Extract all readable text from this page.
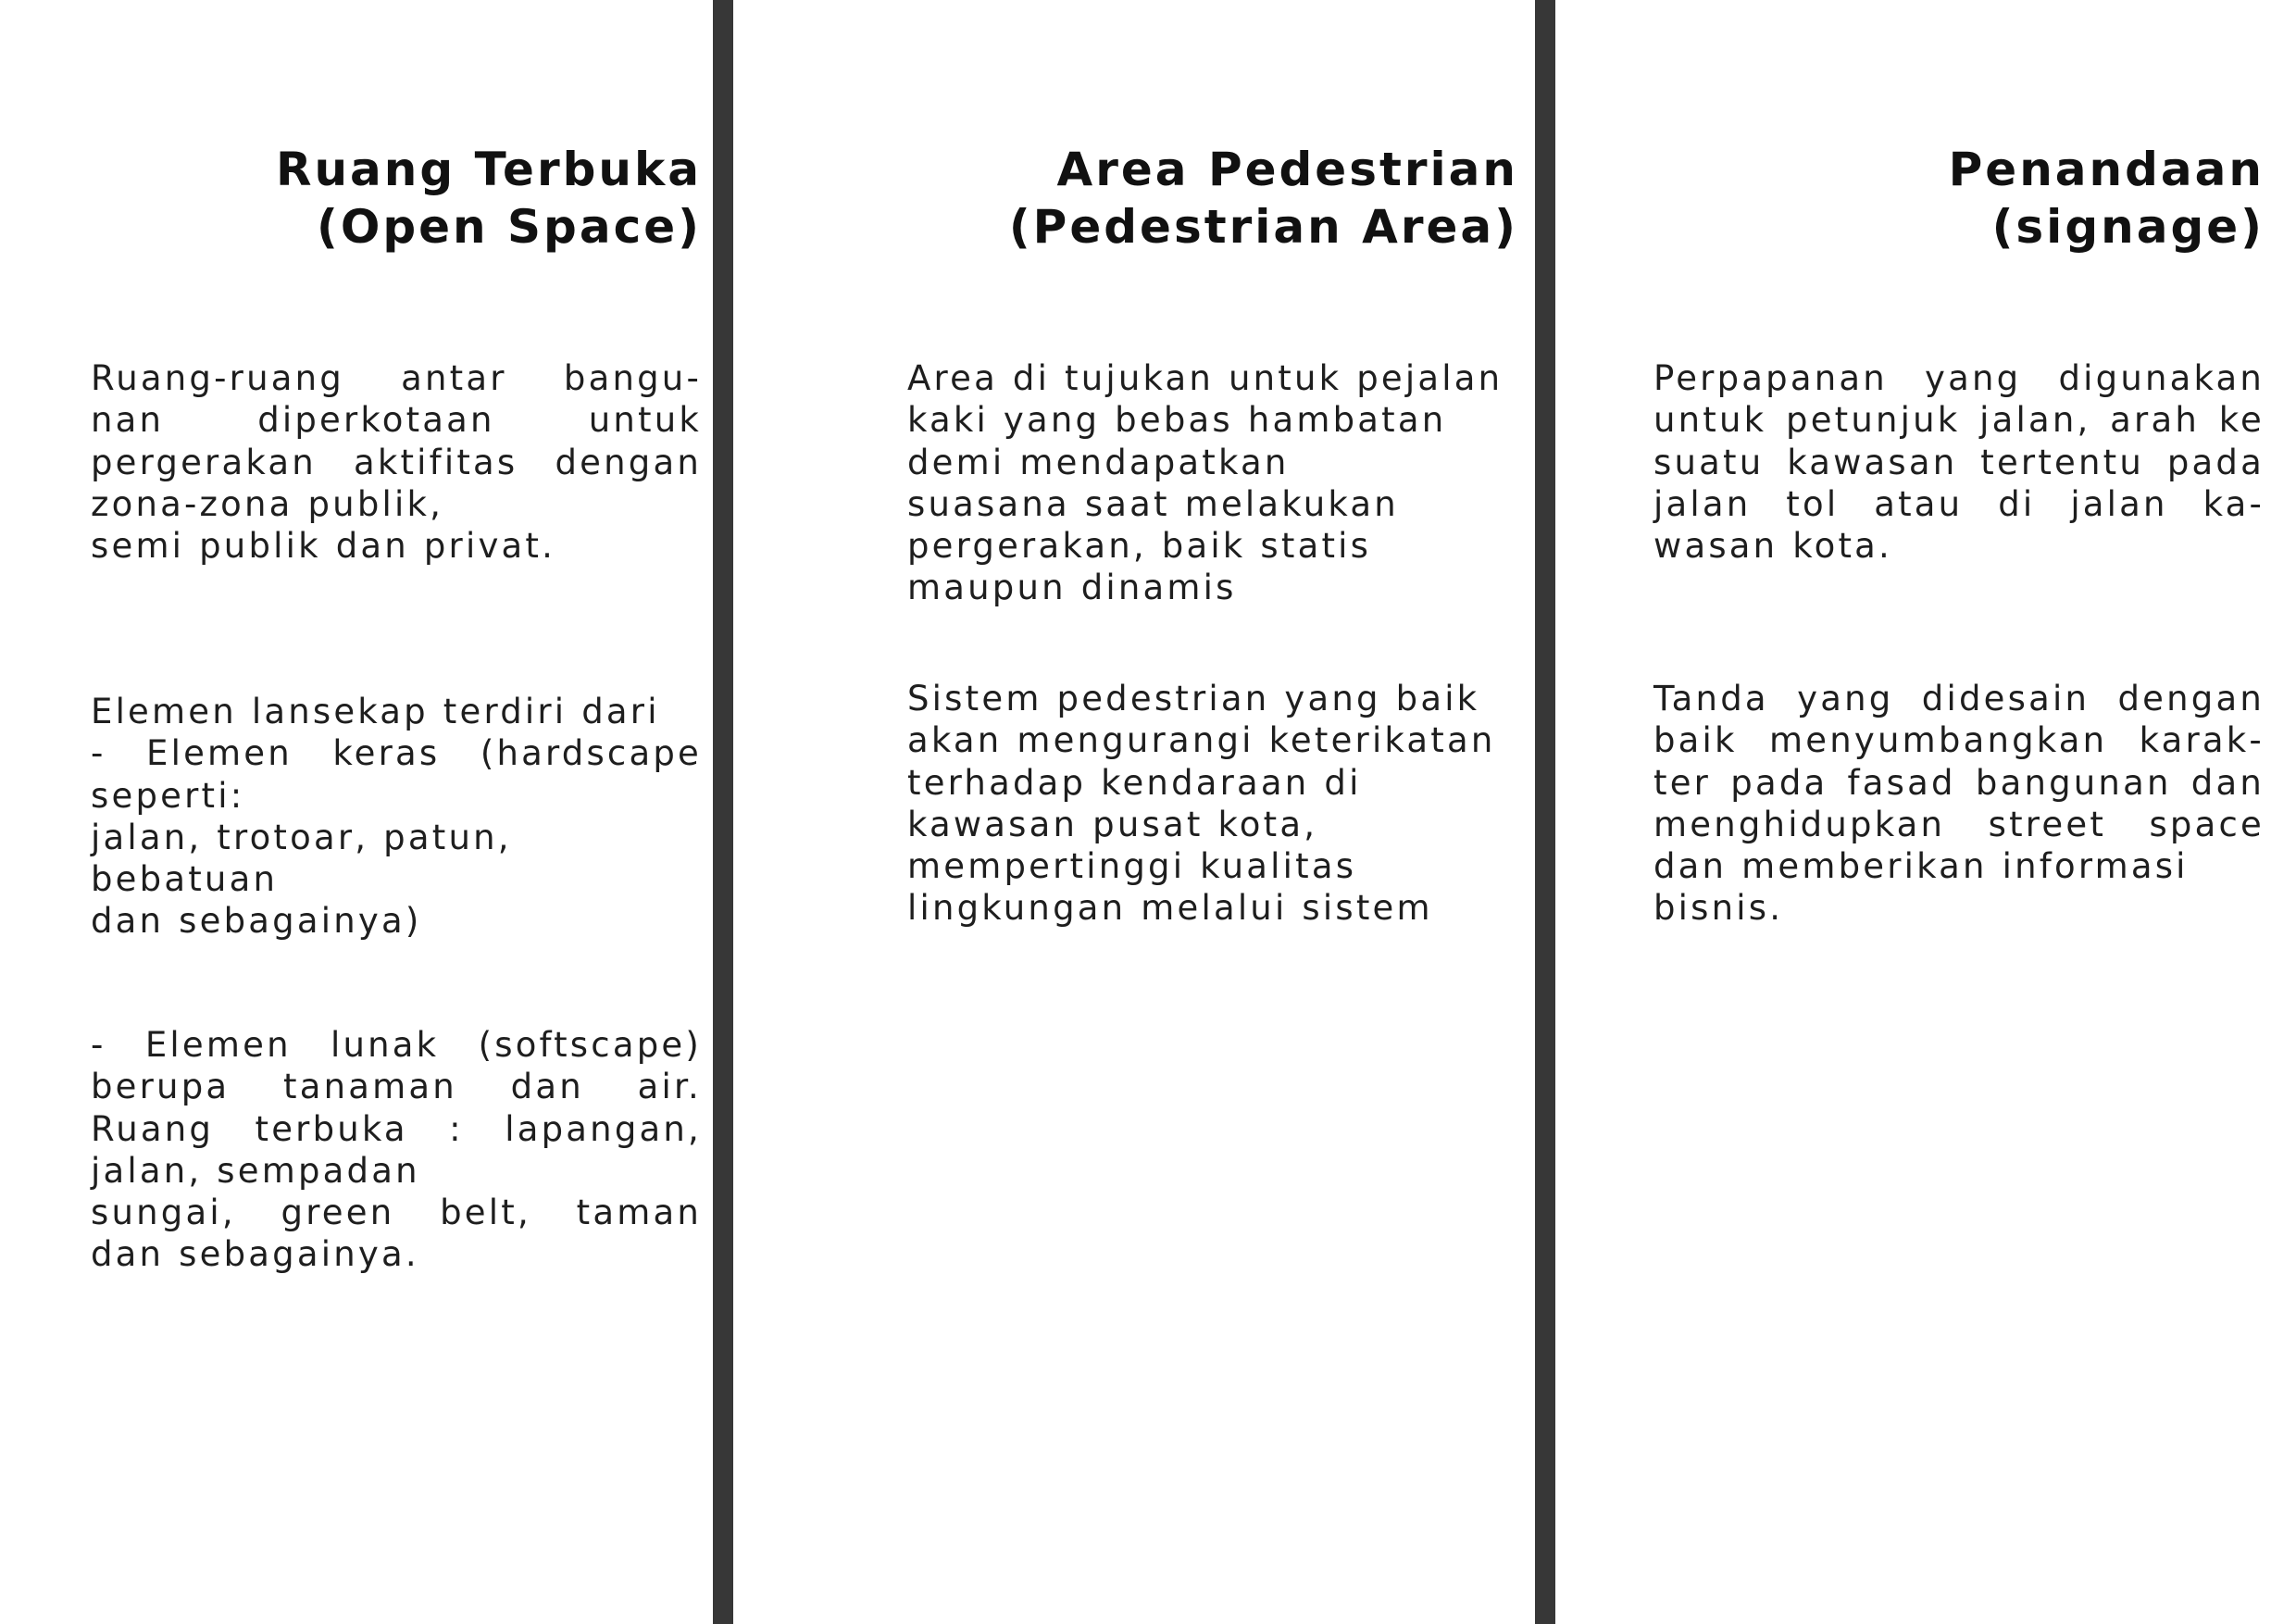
Ruang Terbuka
(Open Space)
Ruang-ruang antar bangu-
nan diperkotaan untuk
pergerakan aktifitas dengan
zona-zona publik,
semi publik dan privat.
Elemen lansekap terdiri dari
- Elemen keras (hardscape
seperti:
jalan, trotoar, patun,
bebatuan
dan sebagainya)
- Elemen lunak (softscape)
berupa tanaman dan air.
Ruang terbuka : lapangan,
jalan, sempadan
sungai, green belt, taman
dan sebagainya.
Area Pedestrian
(Pedestrian Area)
Area di tujukan untuk pejalan
kaki yang bebas hambatan
demi mendapatkan
suasana saat melakukan
pergerakan, baik statis
maupun dinamis
Sistem pedestrian yang baik
akan mengurangi keterikatan
terhadap kendaraan di
kawasan pusat kota,
mempertinggi kualitas
lingkungan melalui sistem
Penandaan
(signage)
Perpapanan yang digunakan
untuk petunjuk jalan, arah ke
suatu kawasan tertentu pada
jalan tol atau di jalan ka-
wasan kota.
Tanda yang didesain dengan
baik menyumbangkan karak-
ter pada fasad bangunan dan
menghidupkan street space
dan memberikan informasi
bisnis.
